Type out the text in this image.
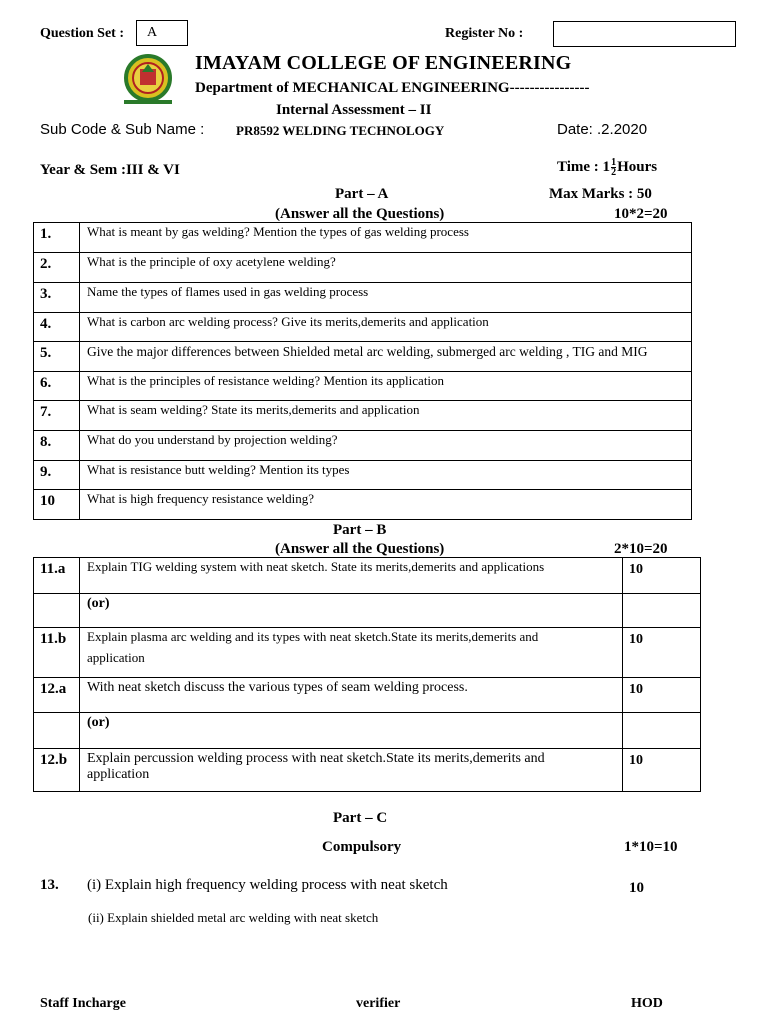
Question Set : A	Register No :
IMAYAM COLLEGE OF ENGINEERING
Department of MECHANICAL ENGINEERING----------------
Internal Assessment – II
Sub Code & Sub Name : PR8592 WELDING TECHNOLOGY	Date: .2.2020
Year & Sem :III & VI	Time : $1 \frac{1}{2}$ Hours
Part – A	Max Marks : 50
(Answer all the Questions)	10*2=20
1.	What is meant by gas welding? Mention the types of gas welding process
2.	What is the principle of oxy acetylene welding?
3.	Name the types of flames used in gas welding process
4.	What is carbon arc welding process? Give its merits,demerits and application
5.	Give the major differences between Shielded metal arc welding, submerged arc welding , TIG and MIG
6.	What is the principles of resistance welding? Mention its application
7.	What is seam welding? State its merits,demerits and application
8.	What do you understand by projection welding?
9.	What is resistance butt welding? Mention its types
10	What is high frequency resistance welding?
Part – B
(Answer all the Questions)	2*10=20
11.a	Explain TIG welding system with neat sketch. State its merits,demerits and applications	10

	(or)	

11.b	Explain plasma arc welding and its types with neat sketch.State its merits,demerits and
application	10
12.a	With neat sketch discuss the various types of seam welding process.	10

	(or)	

12.b	Explain percussion welding process with neat sketch.State its merits,demerits and
application	10
Part – C
Compulsory	1*10=10
13. (i) Explain high frequency welding process with neat sketch	10
(ii) Explain shielded metal arc welding with neat sketch
Staff Incharge	verifier	HOD
